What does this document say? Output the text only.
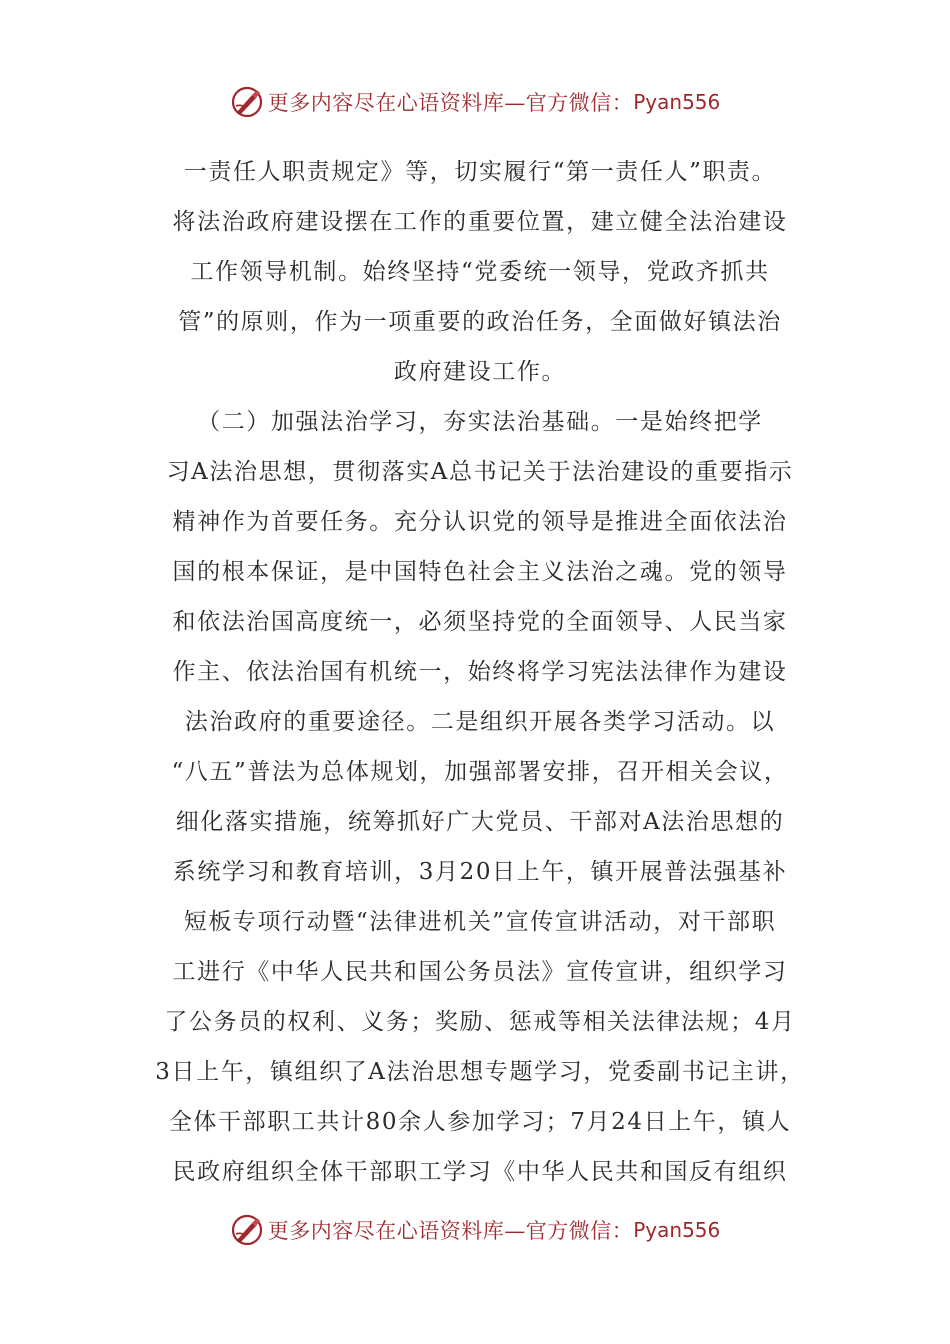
更多内容尽在心语资料库—官方微信： Pyan556
一责任人职责规定》等，切实履行“第一责任人”职责。
将法治政府建设摆在工作的重要位置，建立健全法治建设
工作领导机制。始终坚持“党委统一领导，党政齐抓共
管”的原则，作为一项重要的政治任务，全面做好镇法治
政府建设工作。
（二）加强法治学习，夯实法治基础。一是始终把学
习A法治思想，贯彻落实A总书记关于法治建设的重要指示
精神作为首要任务。充分认识党的领导是推进全面依法治
国的根本保证，是中国特色社会主义法治之魂。党的领导
和依法治国高度统一，必须坚持党的全面领导、人民当家
作主、依法治国有机统一，始终将学习宪法法律作为建设
法治政府的重要途径。二是组织开展各类学习活动。以
“八五”普法为总体规划，加强部署安排，召开相关会议，
细化落实措施，统筹抓好广大党员、干部对A法治思想的
系统学习和教育培训，3月20日上午，镇开展普法强基补
短板专项行动暨“法律进机关”宣传宣讲活动，对干部职
工进行《中华人民共和国公务员法》宣传宣讲，组织学习
了公务员的权利、义务；奖励、惩戒等相关法律法规；4月
3日上午，镇组织了A法治思想专题学习，党委副书记主讲，
全体干部职工共计80余人参加学习；7月24日上午，镇人
民政府组织全体干部职工学习《中华人民共和国反有组织
更多内容尽在心语资料库—官方微信： Pyan556
